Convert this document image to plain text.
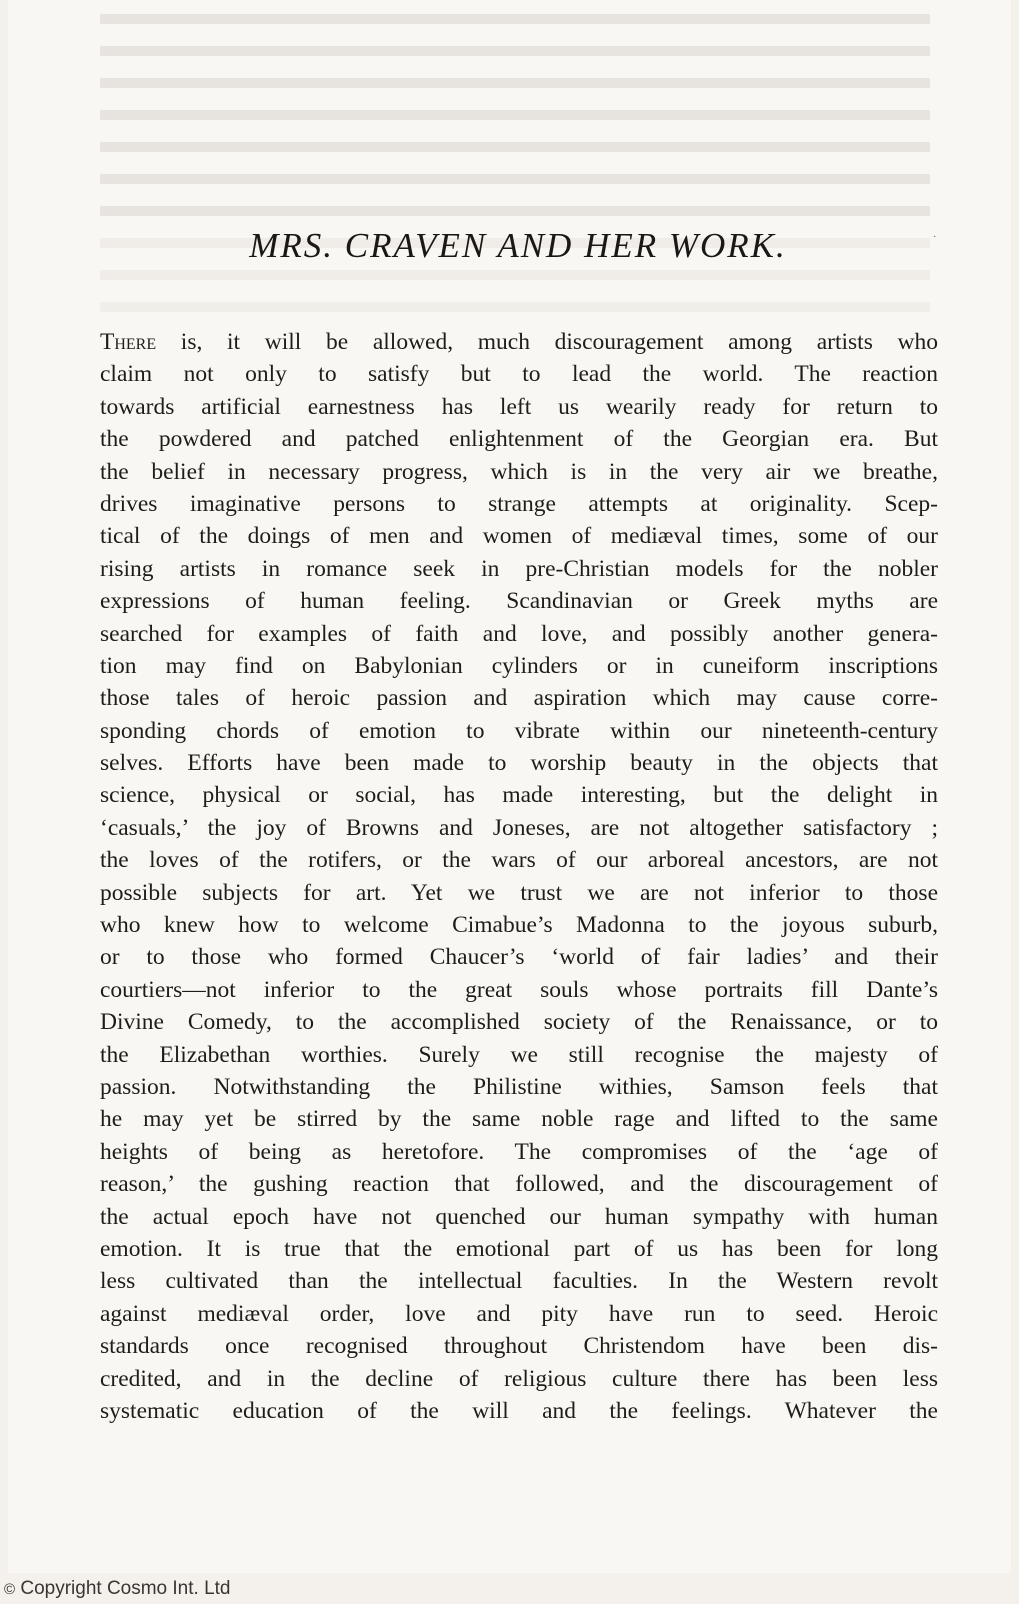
MRS. CRAVEN AND HER WORK.	·
There is, it will be allowed, much discouragement among artists who
claim not only to satisfy but to lead the world. The reaction
towards artificial earnestness has left us wearily ready for return to
the powdered and patched enlightenment of the Georgian era. But
the belief in necessary progress, which is in the very air we breathe,
drives imaginative persons to strange attempts at originality. Scep-
tical of the doings of men and women of mediæval times, some of our
rising artists in romance seek in pre-Christian models for the nobler
expressions of human feeling. Scandinavian or Greek myths are
searched for examples of faith and love, and possibly another genera-
tion may find on Babylonian cylinders or in cuneiform inscriptions
those tales of heroic passion and aspiration which may cause corre-
sponding chords of emotion to vibrate within our nineteenth-century
selves. Efforts have been made to worship beauty in the objects that
science, physical or social, has made interesting, but the delight in
‘casuals,’ the joy of Browns and Joneses, are not altogether satisfactory ;
the loves of the rotifers, or the wars of our arboreal ancestors, are not
possible subjects for art. Yet we trust we are not inferior to those
who knew how to welcome Cimabue’s Madonna to the joyous suburb,
or to those who formed Chaucer’s ‘world of fair ladies’ and their
courtiers—not inferior to the great souls whose portraits fill Dante’s
Divine Comedy, to the accomplished society of the Renaissance, or to
the Elizabethan worthies. Surely we still recognise the majesty of
passion. Notwithstanding the Philistine withies, Samson feels that
he may yet be stirred by the same noble rage and lifted to the same
heights of being as heretofore. The compromises of the ‘age of
reason,’ the gushing reaction that followed, and the discouragement of
the actual epoch have not quenched our human sympathy with human
emotion. It is true that the emotional part of us has been for long
less cultivated than the intellectual faculties. In the Western revolt
against mediæval order, love and pity have run to seed. Heroic
standards once recognised throughout Christendom have been dis-
credited, and in the decline of religious culture there has been less
systematic education of the will and the feelings. Whatever the
© Copyright Cosmo Int. Ltd
